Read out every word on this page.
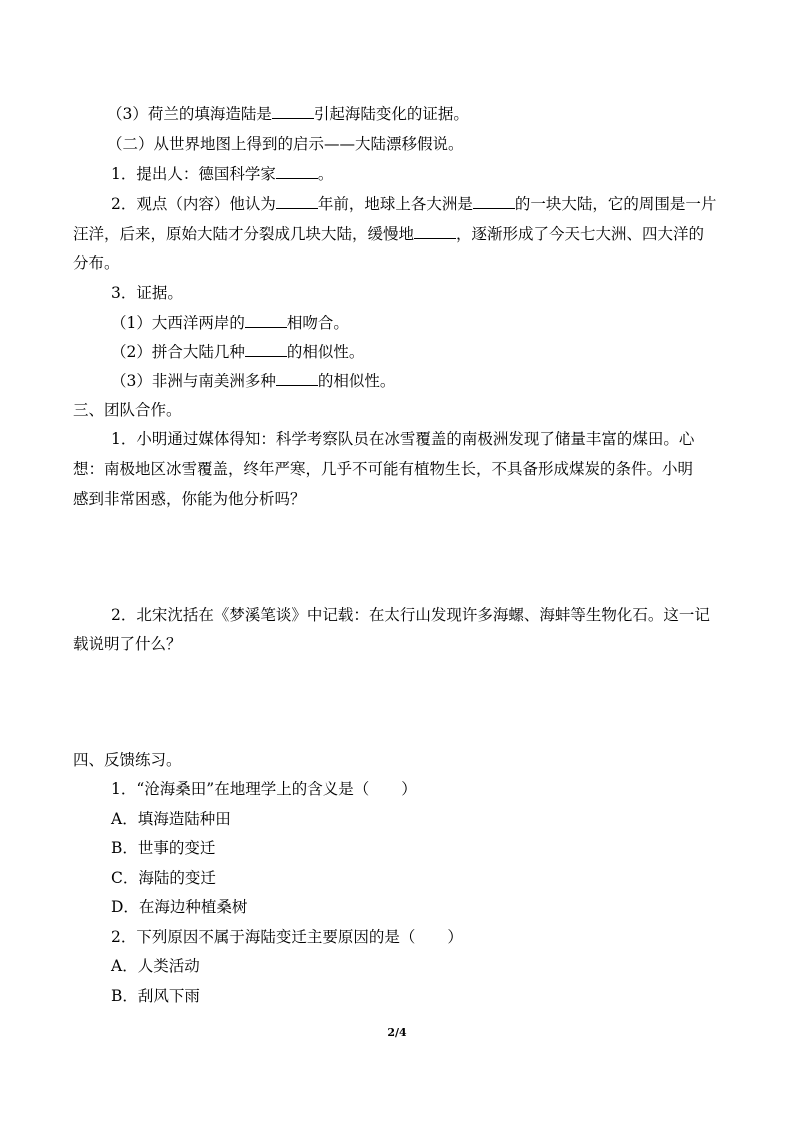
（3）荷兰的填海造陆是	引起海陆变化的证据。
（二）从世界地图上得到的启示——大陆漂移假说。
1．提出人：德国科学家	。
2．观点（内容）他认为	年前，地球上各大洲是	的一块大陆，它的周围是一片
汪洋，后来，原始大陆才分裂成几块大陆，缓慢地	，逐渐形成了今天七大洲、四大洋的
分布。
3．证据。
（1）大西洋两岸的	相吻合。
（2）拼合大陆几种	的相似性。
（3）非洲与南美洲多种	的相似性。
三、团队合作。
1．小明通过媒体得知：科学考察队员在冰雪覆盖的南极洲发现了储量丰富的煤田。心
想：南极地区冰雪覆盖，终年严寒，几乎不可能有植物生长，不具备形成煤炭的条件。小明
感到非常困惑，你能为他分析吗？
2．北宋沈括在《梦溪笔谈》中记载：在太行山发现许多海螺、海蚌等生物化石。这一记
载说明了什么？
四、反馈练习。
1．“沧海桑田”在地理学上的含义是（ ）
A．填海造陆种田
B．世事的变迁
C．海陆的变迁
D．在海边种植桑树
2．下列原因不属于海陆变迁主要原因的是（ ）
A．人类活动
B．刮风下雨
2/4
